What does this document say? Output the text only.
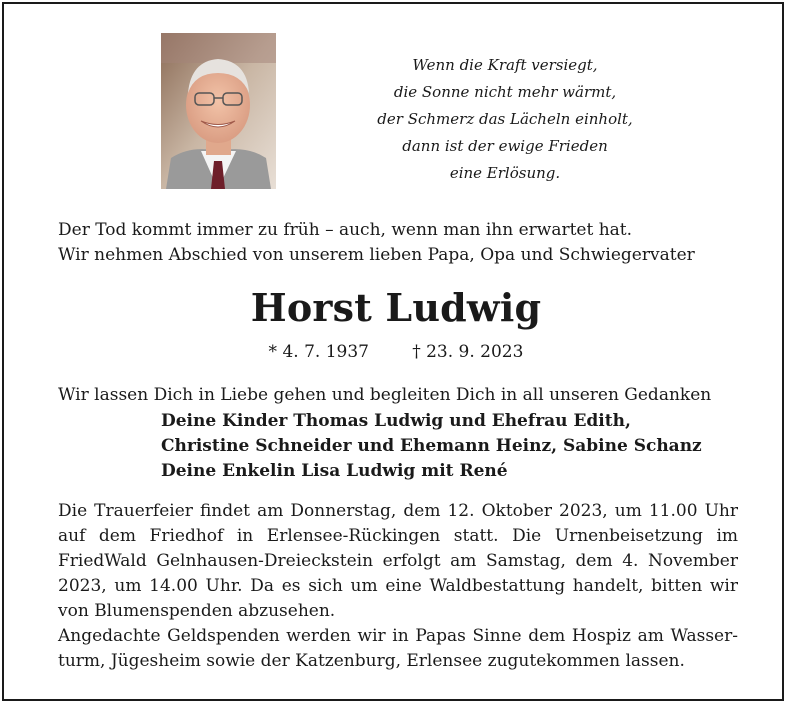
Wenn die Kraft versiegt,
die Sonne nicht mehr wärmt,
der Schmerz das Lächeln einholt,
dann ist der ewige Frieden
eine Erlösung.
Der Tod kommt immer zu früh – auch, wenn man ihn erwartet hat.
Wir nehmen Abschied von unserem lieben Papa, Opa und Schwiegervater
Horst Ludwig
* 4. 7. 1937	† 23. 9. 2023
Wir lassen Dich in Liebe gehen und begleiten Dich in all unseren Gedanken
Deine Kinder Thomas Ludwig und Ehefrau Edith,
Christine Schneider und Ehemann Heinz, Sabine Schanz
Deine Enkelin Lisa Ludwig mit René
Die Trauerfeier findet am Donnerstag, dem 12. Oktober 2023, um 11.00 Uhr
auf dem Friedhof in Erlensee-Rückingen statt. Die Urnenbeisetzung im
FriedWald Gelnhausen-Dreieckstein erfolgt am Samstag, dem 4. November
2023, um 14.00 Uhr. Da es sich um eine Waldbestattung handelt, bitten wir
von Blumenspenden abzusehen.
Angedachte Geldspenden werden wir in Papas Sinne dem Hospiz am Wasser-
turm, Jügesheim sowie der Katzenburg, Erlensee zugutekommen lassen.
